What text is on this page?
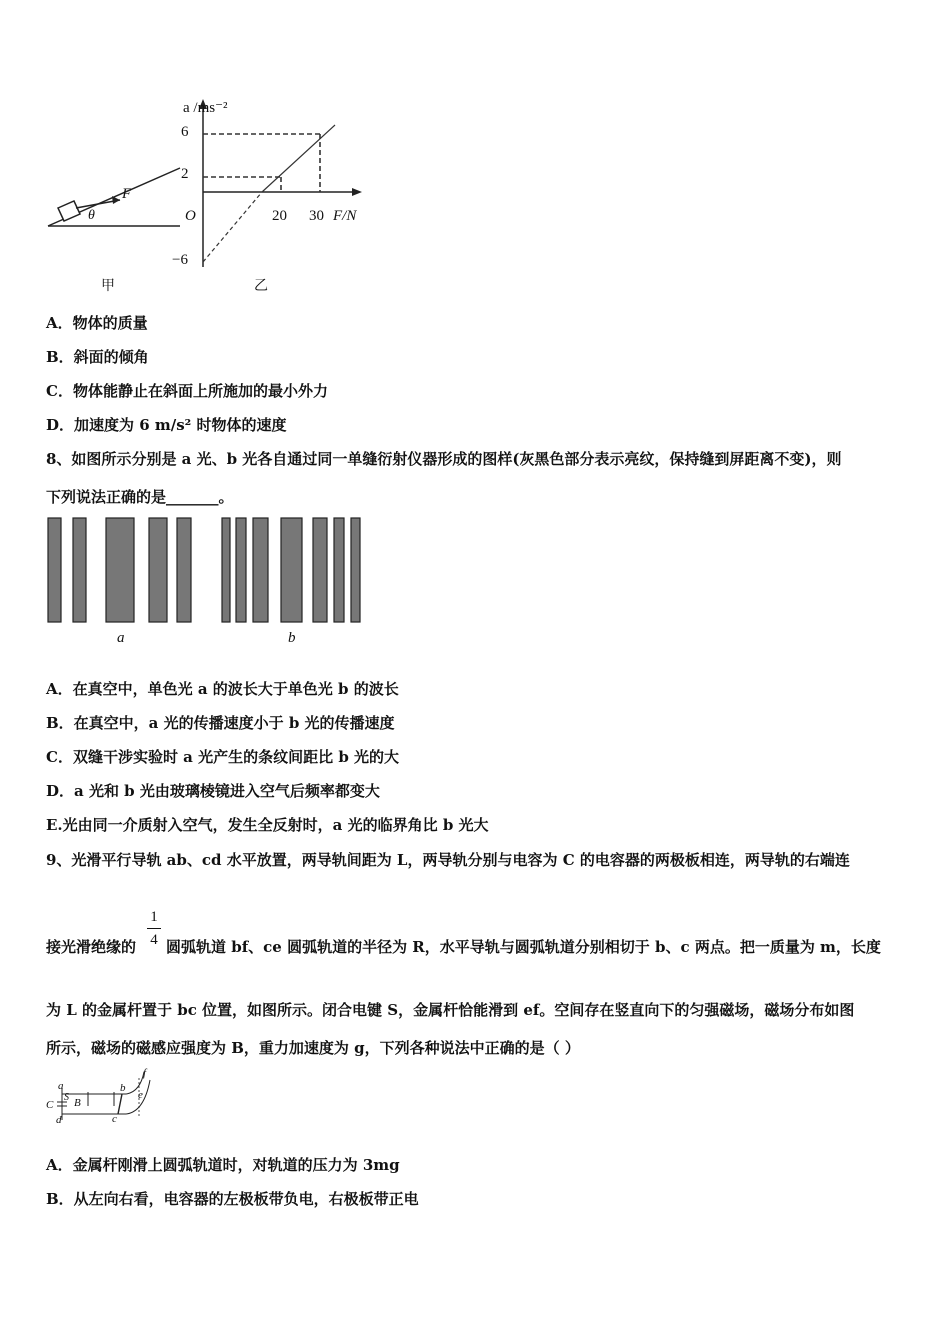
F
θ
甲
a /ms⁻²
6
2
O
−6
20 30 F/N
乙
A．物体的质量
B．斜面的倾角
C．物体能静止在斜面上所施加的最小外力
D．加速度为 6 m/s² 时物体的速度
8、如图所示分别是 a 光、b 光各自通过同一单缝衍射仪器形成的图样(灰黑色部分表示亮纹，保持缝到屏距离不变)，则
下列说法正确的是_______。
a	b
A．在真空中，单色光 a 的波长大于单色光 b 的波长
B．在真空中，a 光的传播速度小于 b 光的传播速度
C．双缝干涉实验时 a 光产生的条纹间距比 b 光的大
D．a 光和 b 光由玻璃棱镜进入空气后频率都变大
E.光由同一介质射入空气，发生全反射时，a 光的临界角比 b 光大
9、光滑平行导轨 ab、cd 水平放置，两导轨间距为 L，两导轨分别与电容为 C 的电容器的两极板相连，两导轨的右端连
接光滑绝缘的
1
4 圆弧轨道 bf、ce 圆弧轨道的半径为 R，水平导轨与圆弧轨道分别相切于 b、c 两点。把一质量为 m，长度
为 L 的金属杆置于 bc 位置，如图所示。闭合电键 S，金属杆恰能滑到 ef。空间存在竖直向下的匀强磁场，磁场分布如图
所示，磁场的磁感应强度为 B，重力加速度为 g，下列各种说法中正确的是（ ）
a
C
S B
d
b
c
e
f
A．金属杆刚滑上圆弧轨道时，对轨道的压力为 3mg
B．从左向右看，电容器的左极板带负电，右极板带正电
